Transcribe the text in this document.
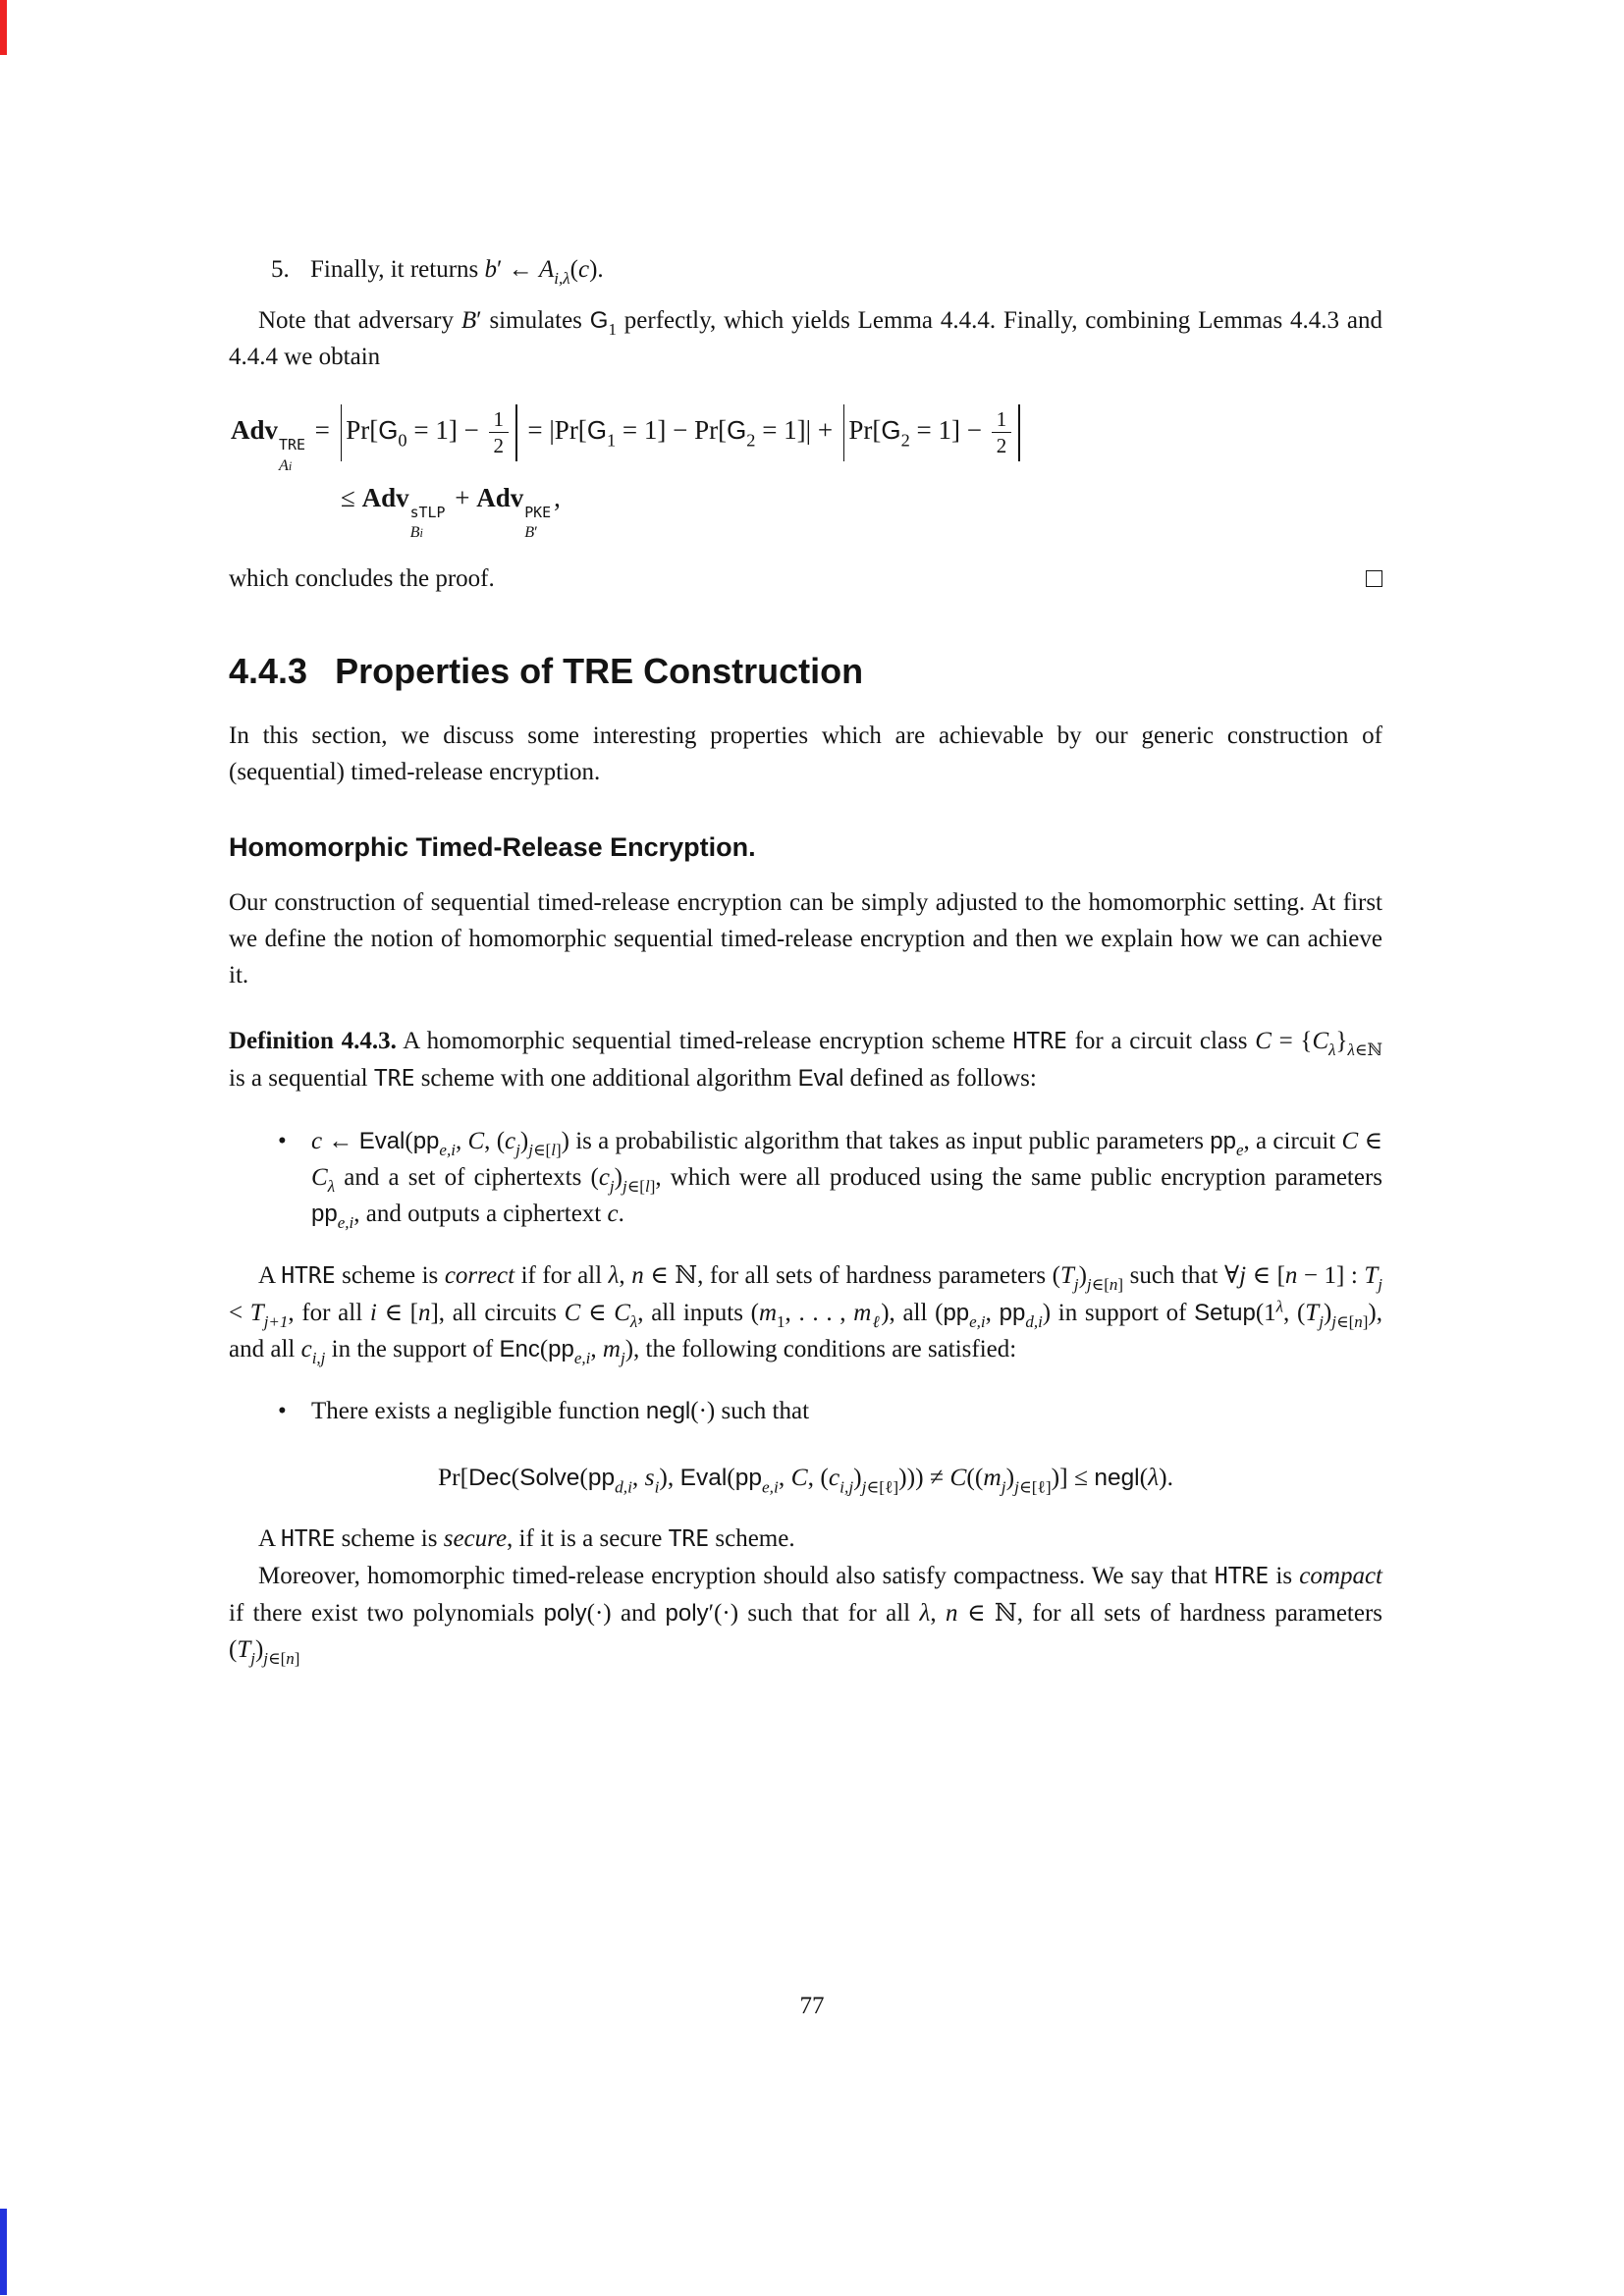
5. Finally, it returns b′ ← $A_{i,\lambda}(c)$.

Note that adversary B′ simulates $G_1$ perfectly, which yields Lemma 4.4.4. Finally, combining Lemmas 4.4.3 and 4.4.4 we obtain

Adv
TRE
Ai
= $Pr[G_0 = 1] - \frac{1}{2} = |Pr[G_1 = 1] - Pr[G_2 = 1]| + Pr[G_2 = 1] - \frac{1}{2}$
≤ Adv
sTLP
Bi
+ Adv
PKE
B′
,
which concludes the proof.
4.4.3 Properties of TRE Construction

In this section, we discuss some interesting properties which are achievable by our generic construction of (sequential) timed-release encryption.

Homomorphic Timed-Release Encryption.

Our construction of sequential timed-release encryption can be simply adjusted to the homomorphic setting. At first we define the notion of homomorphic sequential timed-release encryption and then we explain how we can achieve it.

Definition 4.4.3. A homomorphic sequential timed-release encryption scheme HTRE for a circuit class $C = \{C_\lambda\}_{\lambda\in ℕ}$ is a sequential TRE scheme with one additional algorithm Eval defined as follows:

• c ← $Eval(pp_{e,i}$, C, $(c_j)_{j\in[l]}$) is a probabilistic algorithm that takes as input public parameters $pp_e$, a circuit C ∈ $C_\lambda$ and a set of ciphertexts $(c_j)_{j\in[l]}$, which were all produced using the same public encryption parameters $pp_{e,i}$, and outputs a ciphertext c.

A HTRE scheme is correct if for all λ, n ∈ ℕ, for all sets of hardness parameters $(T_j)_{j\in[n]}$ such that ∀j ∈ [n − 1] : $T_j < T_{j+1}$, for all i ∈ [n], all circuits C ∈ $C_\lambda$, all inputs ($m_1$, . . . , $m_\ell$), all ($pp_{e,i}$, $pp_{d,i}$) in support of $Setup(1^\lambda$, $(T_j)_{j\in[n]}$), and all $c_{i,j}$ in the support of $Enc(pp_{e,i}$, $m_j$), the following conditions are satisfied:

• There exists a negligible function negl(·) such that
$Pr[Dec(Solve(pp_{d,i}$, $s_i$), $Eval(pp_{e,i}$, C, $(c_{i,j})_{j\in[\ell]}))) \ne C((m_j)_{j\in[\ell]})$] ≤ negl(λ).

A HTRE scheme is secure, if it is a secure TRE scheme.

Moreover, homomorphic timed-release encryption should also satisfy compactness. We say that HTRE is compact if there exist two polynomials poly(·) and poly′(·) such that for all λ, n ∈ ℕ, for all sets of hardness parameters $(T_j)_{j\in[n]}$

77
